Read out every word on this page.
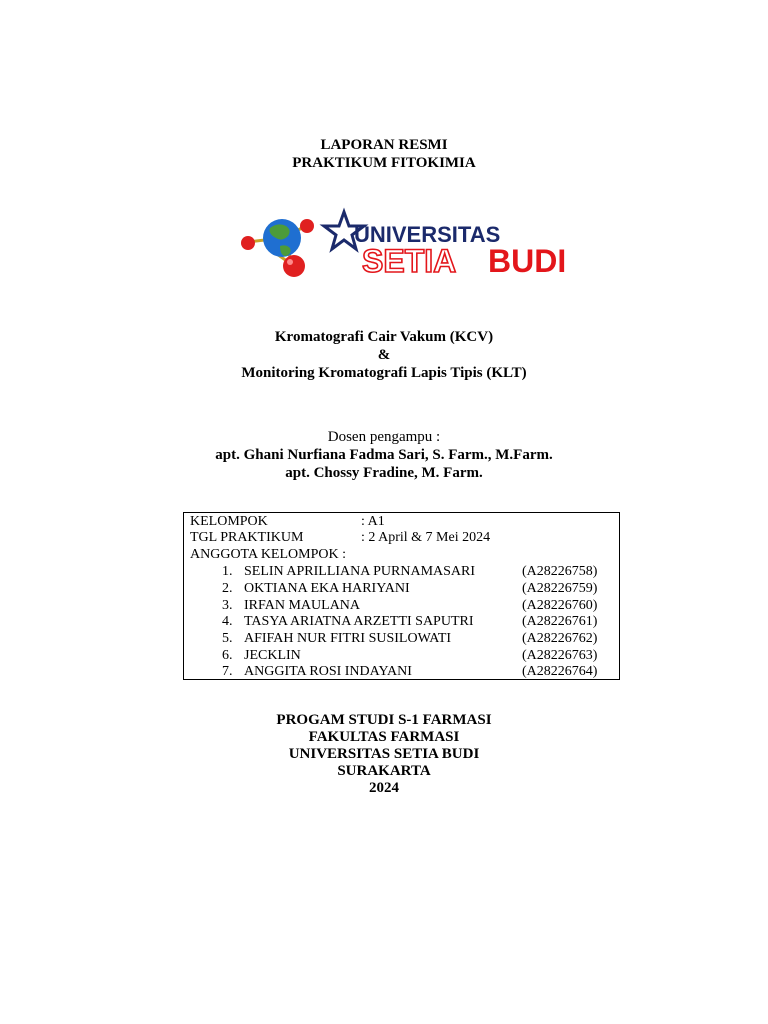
LAPORAN RESMI
PRAKTIKUM FITOKIMIA
UNIVERSITAS
SETIA BUDI
Kromatografi Cair Vakum (KCV)
&
Monitoring Kromatografi Lapis Tipis (KLT)
Dosen pengampu :
apt. Ghani Nurfiana Fadma Sari, S. Farm., M.Farm.
apt. Chossy Fradine, M. Farm.
KELOMPOK	: A1
TGL PRAKTIKUM	: 2 April & 7 Mei 2024
ANGGOTA KELOMPOK :
1. SELIN APRILLIANA PURNAMASARI	(A28226758)
2. OKTIANA EKA HARIYANI	(A28226759)
3. IRFAN MAULANA	(A28226760)
4. TASYA ARIATNA ARZETTI SAPUTRI	(A28226761)
5. AFIFAH NUR FITRI SUSILOWATI	(A28226762)
6. JECKLIN	(A28226763)
7. ANGGITA ROSI INDAYANI	(A28226764)
PROGAM STUDI S-1 FARMASI
FAKULTAS FARMASI
UNIVERSITAS SETIA BUDI
SURAKARTA
2024
